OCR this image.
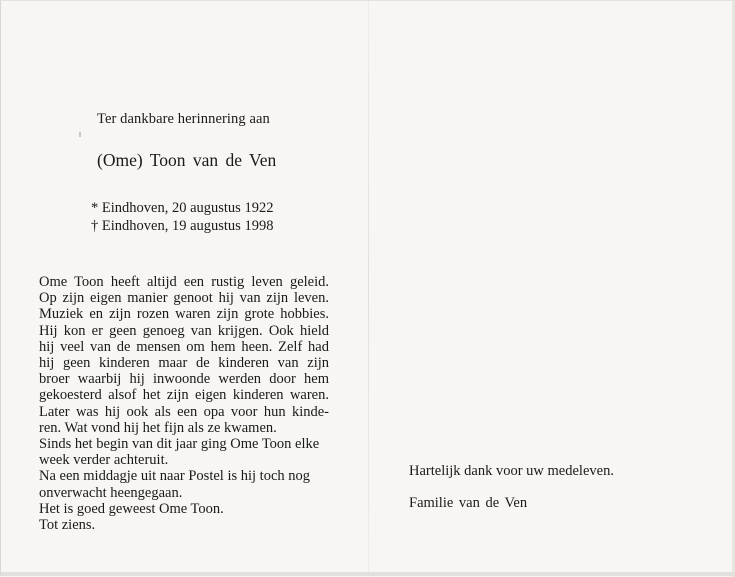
Ter dankbare herinnering aan
(Ome) Toon van de Ven
* Eindhoven, 20 augustus 1922
† Eindhoven, 19 augustus 1998
Ome Toon heeft altijd een rustig leven geleid.
Op zijn eigen manier genoot hij van zijn leven.
Muziek en zijn rozen waren zijn grote hobbies.
Hij kon er geen genoeg van krijgen. Ook hield
hij veel van de mensen om hem heen. Zelf had
hij geen kinderen maar de kinderen van zijn
broer waarbij hij inwoonde werden door hem
gekoesterd alsof het zijn eigen kinderen waren.
Later was hij ook als een opa voor hun kinde-
ren. Wat vond hij het fijn als ze kwamen.
Sinds het begin van dit jaar ging Ome Toon elke
week verder achteruit.
Na een middagje uit naar Postel is hij toch nog
onverwacht heengegaan.
Het is goed geweest Ome Toon.
Tot ziens.
Hartelijk dank voor uw medeleven.
Familie van de Ven
